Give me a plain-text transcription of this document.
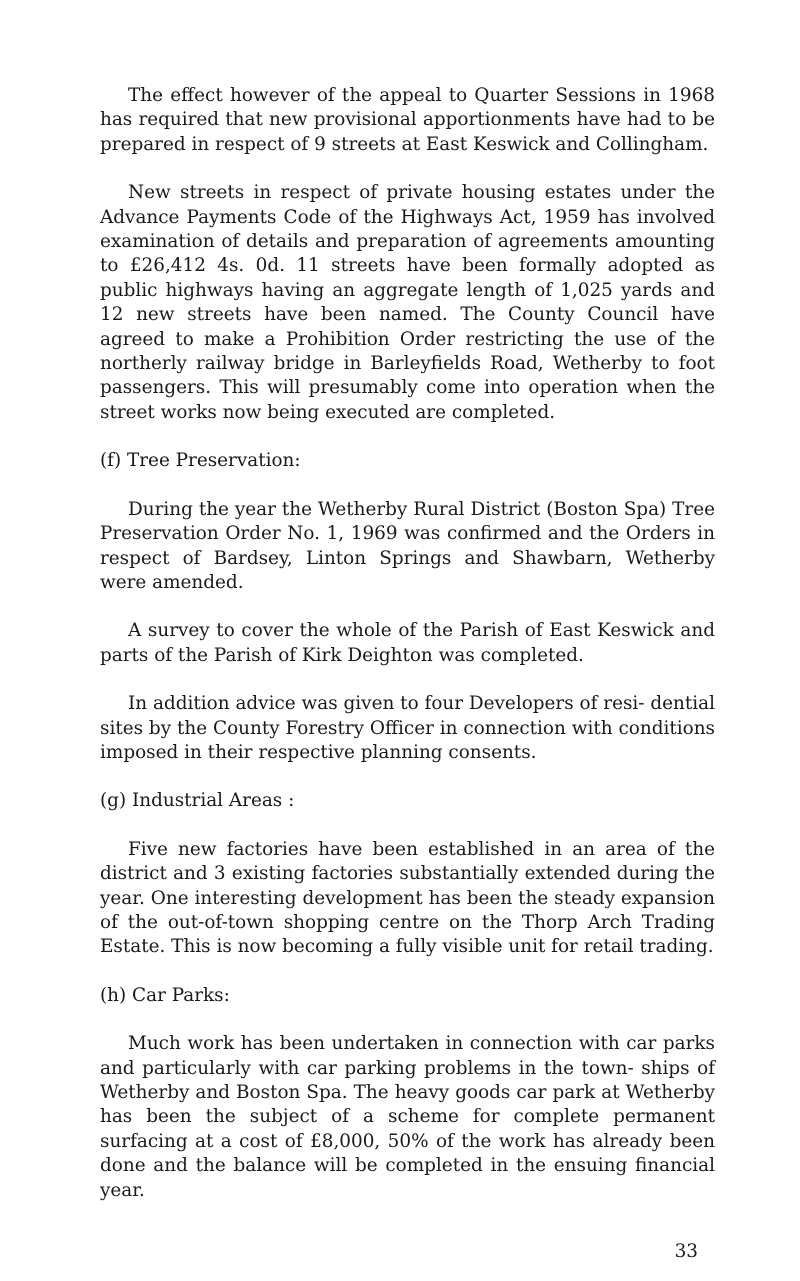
The effect however of the appeal to Quarter Sessions in 1968 has required that new provisional apportionments have had to be prepared in respect of 9 streets at East Keswick and Collingham.

New streets in respect of private housing estates under the Advance Payments Code of the Highways Act, 1959 has involved examination of details and preparation of agreements amounting to £26,412 4s. 0d. 11 streets have been formally adopted as public highways having an aggregate length of 1,025 yards and 12 new streets have been named. The County Council have agreed to make a Prohibition Order restricting the use of the northerly railway bridge in Barleyfields Road, Wetherby to foot passengers. This will presumably come into operation when the street works now being executed are completed.

(f) Tree Preservation:

During the year the Wetherby Rural District (Boston Spa) Tree Preservation Order No. 1, 1969 was confirmed and the Orders in respect of Bardsey, Linton Springs and Shawbarn, Wetherby were amended.

A survey to cover the whole of the Parish of East Keswick and parts of the Parish of Kirk Deighton was completed.

In addition advice was given to four Developers of resi- dential sites by the County Forestry Officer in connection with conditions imposed in their respective planning consents.

(g) Industrial Areas :

Five new factories have been established in an area of the district and 3 existing factories substantially extended during the year. One interesting development has been the steady expansion of the out-of-town shopping centre on the Thorp Arch Trading Estate. This is now becoming a fully visible unit for retail trading.

(h) Car Parks:

Much work has been undertaken in connection with car parks and particularly with car parking problems in the town- ships of Wetherby and Boston Spa. The heavy goods car park at Wetherby has been the subject of a scheme for complete permanent surfacing at a cost of £8,000, 50% of the work has already been done and the balance will be completed in the ensuing financial year.

33
